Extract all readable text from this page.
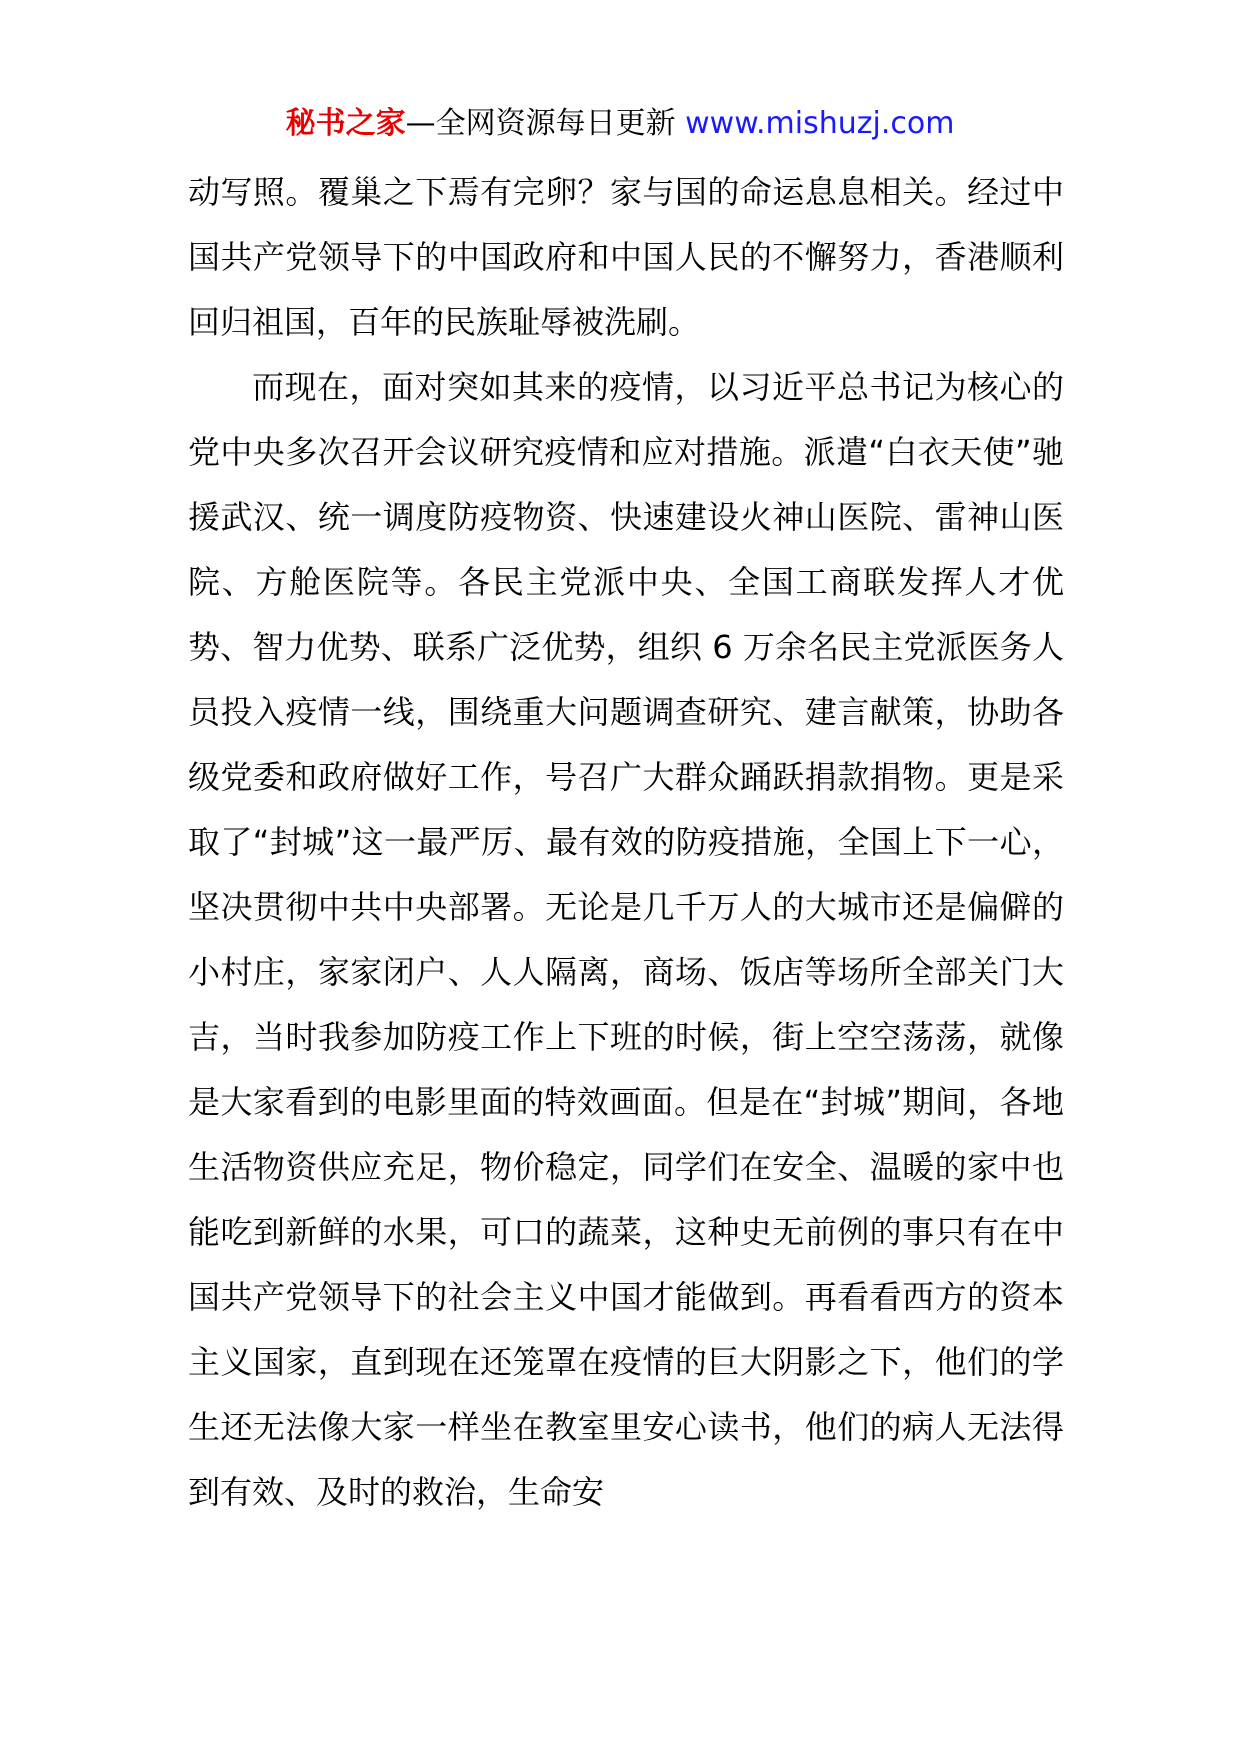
秘书之家—全网资源每日更新 www.mishuzj.com

动写照。覆巢之下焉有完卵？家与国的命运息息相关。经过中国共产党领导下的中国政府和中国人民的不懈努力，香港顺利回归祖国，百年的民族耻辱被洗刷。

而现在，面对突如其来的疫情，以习近平总书记为核心的党中央多次召开会议研究疫情和应对措施。派遣“白衣天使”驰援武汉、统一调度防疫物资、快速建设火神山医院、雷神山医院、方舱医院等。各民主党派中央、全国工商联发挥人才优势、智力优势、联系广泛优势，组织 6 万余名民主党派医务人员投入疫情一线，围绕重大问题调查研究、建言献策，协助各级党委和政府做好工作，号召广大群众踊跃捐款捐物。更是采取了“封城”这一最严厉、最有效的防疫措施，全国上下一心，坚决贯彻中共中央部署。无论是几千万人的大城市还是偏僻的小村庄，家家闭户、人人隔离，商场、饭店等场所全部关门大吉，当时我参加防疫工作上下班的时候，街上空空荡荡，就像是大家看到的电影里面的特效画面。但是在“封城”期间，各地生活物资供应充足，物价稳定，同学们在安全、温暖的家中也能吃到新鲜的水果，可口的蔬菜，这种史无前例的事只有在中国共产党领导下的社会主义中国才能做到。再看看西方的资本主义国家，直到现在还笼罩在疫情的巨大阴影之下，他们的学生还无法像大家一样坐在教室里安心读书，他们的病人无法得到有效、及时的救治，生命安
